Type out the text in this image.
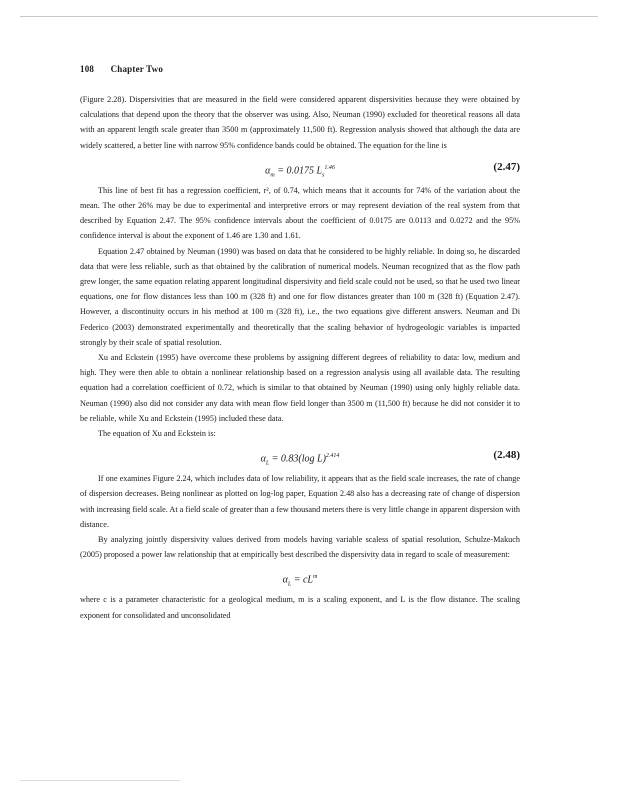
108 Chapter Two

(Figure 2.28). Dispersivities that are measured in the field were considered apparent dispersivities because they were obtained by calculations that depend upon the theory that the observer was using. Also, Neuman (1990) excluded for theoretical reasons all data with an apparent length scale greater than 3500 m (approximately 11,500 ft). Regression analysis showed that although the data are widely scattered, a better line with narrow 95% confidence bands could be obtained. The equation for the line is

$\alpha_m = 0.0175$ $L_s^{1.46}$	(2.47)

This line of best fit has a regression coefficient, r², of 0.74, which means that it accounts for 74% of the variation about the mean. The other 26% may be due to experimental and interpretive errors or may represent deviation of the real system from that described by Equation 2.47. The 95% confidence intervals about the coefficient of 0.0175 are 0.0113 and 0.0272 and the 95% confidence interval is about the exponent of 1.46 are 1.30 and 1.61.

Equation 2.47 obtained by Neuman (1990) was based on data that he considered to be highly reliable. In doing so, he discarded data that were less reliable, such as that obtained by the calibration of numerical models. Neuman recognized that as the flow path grew longer, the same equation relating apparent longitudinal dispersivity and field scale could not be used, so that he used two linear equations, one for flow distances less than 100 m (328 ft) and one for flow distances greater than 100 m (328 ft) (Equation 2.47). However, a discontinuity occurs in his method at 100 m (328 ft), i.e., the two equations give different answers. Neuman and Di Federico (2003) demonstrated experimentally and theoretically that the scaling behavior of hydrogeologic variables is impacted strongly by their scale of spatial resolution.

Xu and Eckstein (1995) have overcome these problems by assigning different degrees of reliability to data: low, medium and high. They were then able to obtain a nonlinear relationship based on a regression analysis using all available data. The resulting equation had a correlation coefficient of 0.72, which is similar to that obtained by Neuman (1990) using only highly reliable data. Neuman (1990) also did not consider any data with mean flow field longer than 3500 m (11,500 ft) because he did not consider it to be reliable, while Xu and Eckstein (1995) included these data.

The equation of Xu and Eckstein is:

$\alpha_L = 0.83(\log$ L)$^{2.414}$	(2.48)

If one examines Figure 2.24, which includes data of low reliability, it appears that as the field scale increases, the rate of change of dispersion decreases. Being nonlinear as plotted on log-log paper, Equation 2.48 also has a decreasing rate of change of dispersion with increasing field scale. At a field scale of greater than a few thousand meters there is very little change in apparent dispersion with distance.

By analyzing jointly dispersivity values derived from models having variable scaless of spatial resolution, Schulze-Makuch (2005) proposed a power law relationship that at empirically best described the dispersivity data in regard to scale of measurement:

$\alpha_L = cL^m$

where c is a parameter characteristic for a geological medium, m is a scaling exponent, and L is the flow distance. The scaling exponent for consolidated and unconsolidated
